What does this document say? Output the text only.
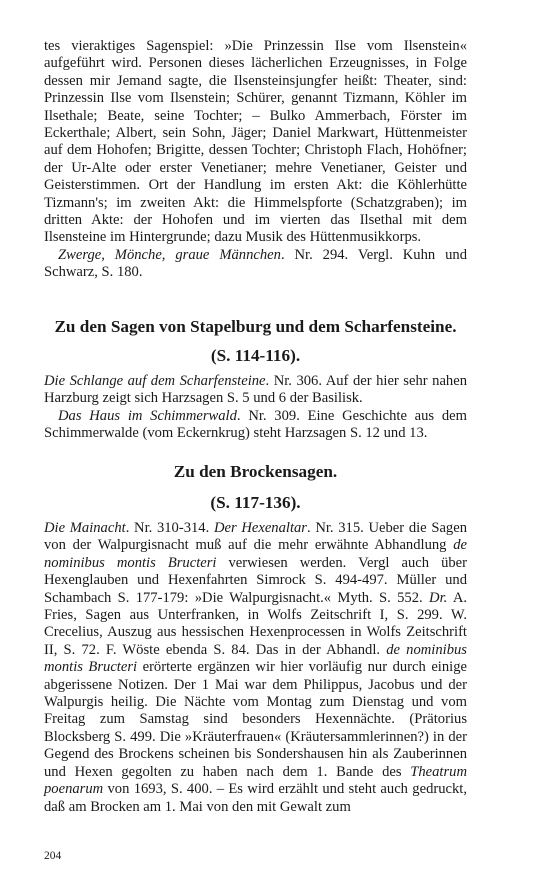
tes vieraktiges Sagenspiel: »Die Prinzessin Ilse vom Ilsenstein« aufgeführt wird. Personen dieses lächerlichen Erzeugnisses, in Folge dessen mir Jemand sagte, die Ilsensteinsjungfer heißt: Theater, sind: Prinzessin Ilse vom Ilsenstein; Schürer, genannt Tizmann, Köhler im Ilsethale; Beate, seine Tochter; – Bulko Ammerbach, Förster im Eckerthale; Albert, sein Sohn, Jäger; Daniel Markwart, Hüttenmeister auf dem Hohofen; Brigitte, dessen Tochter; Christoph Flach, Hohöfner; der Ur-Alte oder erster Venetianer; mehre Venetianer, Geister und Geisterstimmen. Ort der Handlung im ersten Akt: die Köhlerhütte Tizmann's; im zweiten Akt: die Himmelspforte (Schatzgraben); im dritten Akte: der Hohofen und im vierten das Ilsethal mit dem Ilsensteine im Hintergrunde; dazu Musik des Hüttenmusikkorps.

Zwerge, Mönche, graue Männchen. Nr. 294. Vergl. Kuhn und Schwarz, S. 180.

Zu den Sagen von Stapelburg und dem Scharfensteine.
(S. 114-116).

Die Schlange auf dem Scharfensteine. Nr. 306. Auf der hier sehr nahen Harzburg zeigt sich Harzsagen S. 5 und 6 der Basilisk.

Das Haus im Schimmerwald. Nr. 309. Eine Geschichte aus dem Schimmerwalde (vom Eckernkrug) steht Harzsagen S. 12 und 13.

Zu den Brockensagen.
(S. 117-136).

Die Mainacht. Nr. 310-314. Der Hexenaltar. Nr. 315. Ueber die Sagen von der Walpurgisnacht muß auf die mehr erwähnte Abhandlung de nominibus montis Bructeri verwiesen werden. Vergl auch über Hexenglauben und Hexenfahrten Simrock S. 494-497. Müller und Schambach S. 177-179: »Die Walpurgisnacht.« Myth. S. 552. Dr. A. Fries, Sagen aus Unterfranken, in Wolfs Zeitschrift I, S. 299. W. Crecelius, Auszug aus hessischen Hexenprocessen in Wolfs Zeitschrift II, S. 72. F. Wöste ebenda S. 84. Das in der Abhandl. de nominibus montis Bructeri erörterte ergänzen wir hier vorläufig nur durch einige abgerissene Notizen. Der 1 Mai war dem Philippus, Jacobus und der Walpurgis heilig. Die Nächte vom Montag zum Dienstag und vom Freitag zum Samstag sind besonders Hexennächte. (Prätorius Blocksberg S. 499. Die »Kräuterfrauen« (Kräutersammlerinnen?) in der Gegend des Brockens scheinen bis Sondershausen hin als Zauberinnen und Hexen gegolten zu haben nach dem 1. Bande des Theatrum poenarum von 1693, S. 400. – Es wird erzählt und steht auch gedruckt, daß am Brocken am 1. Mai von den mit Gewalt zum

204
